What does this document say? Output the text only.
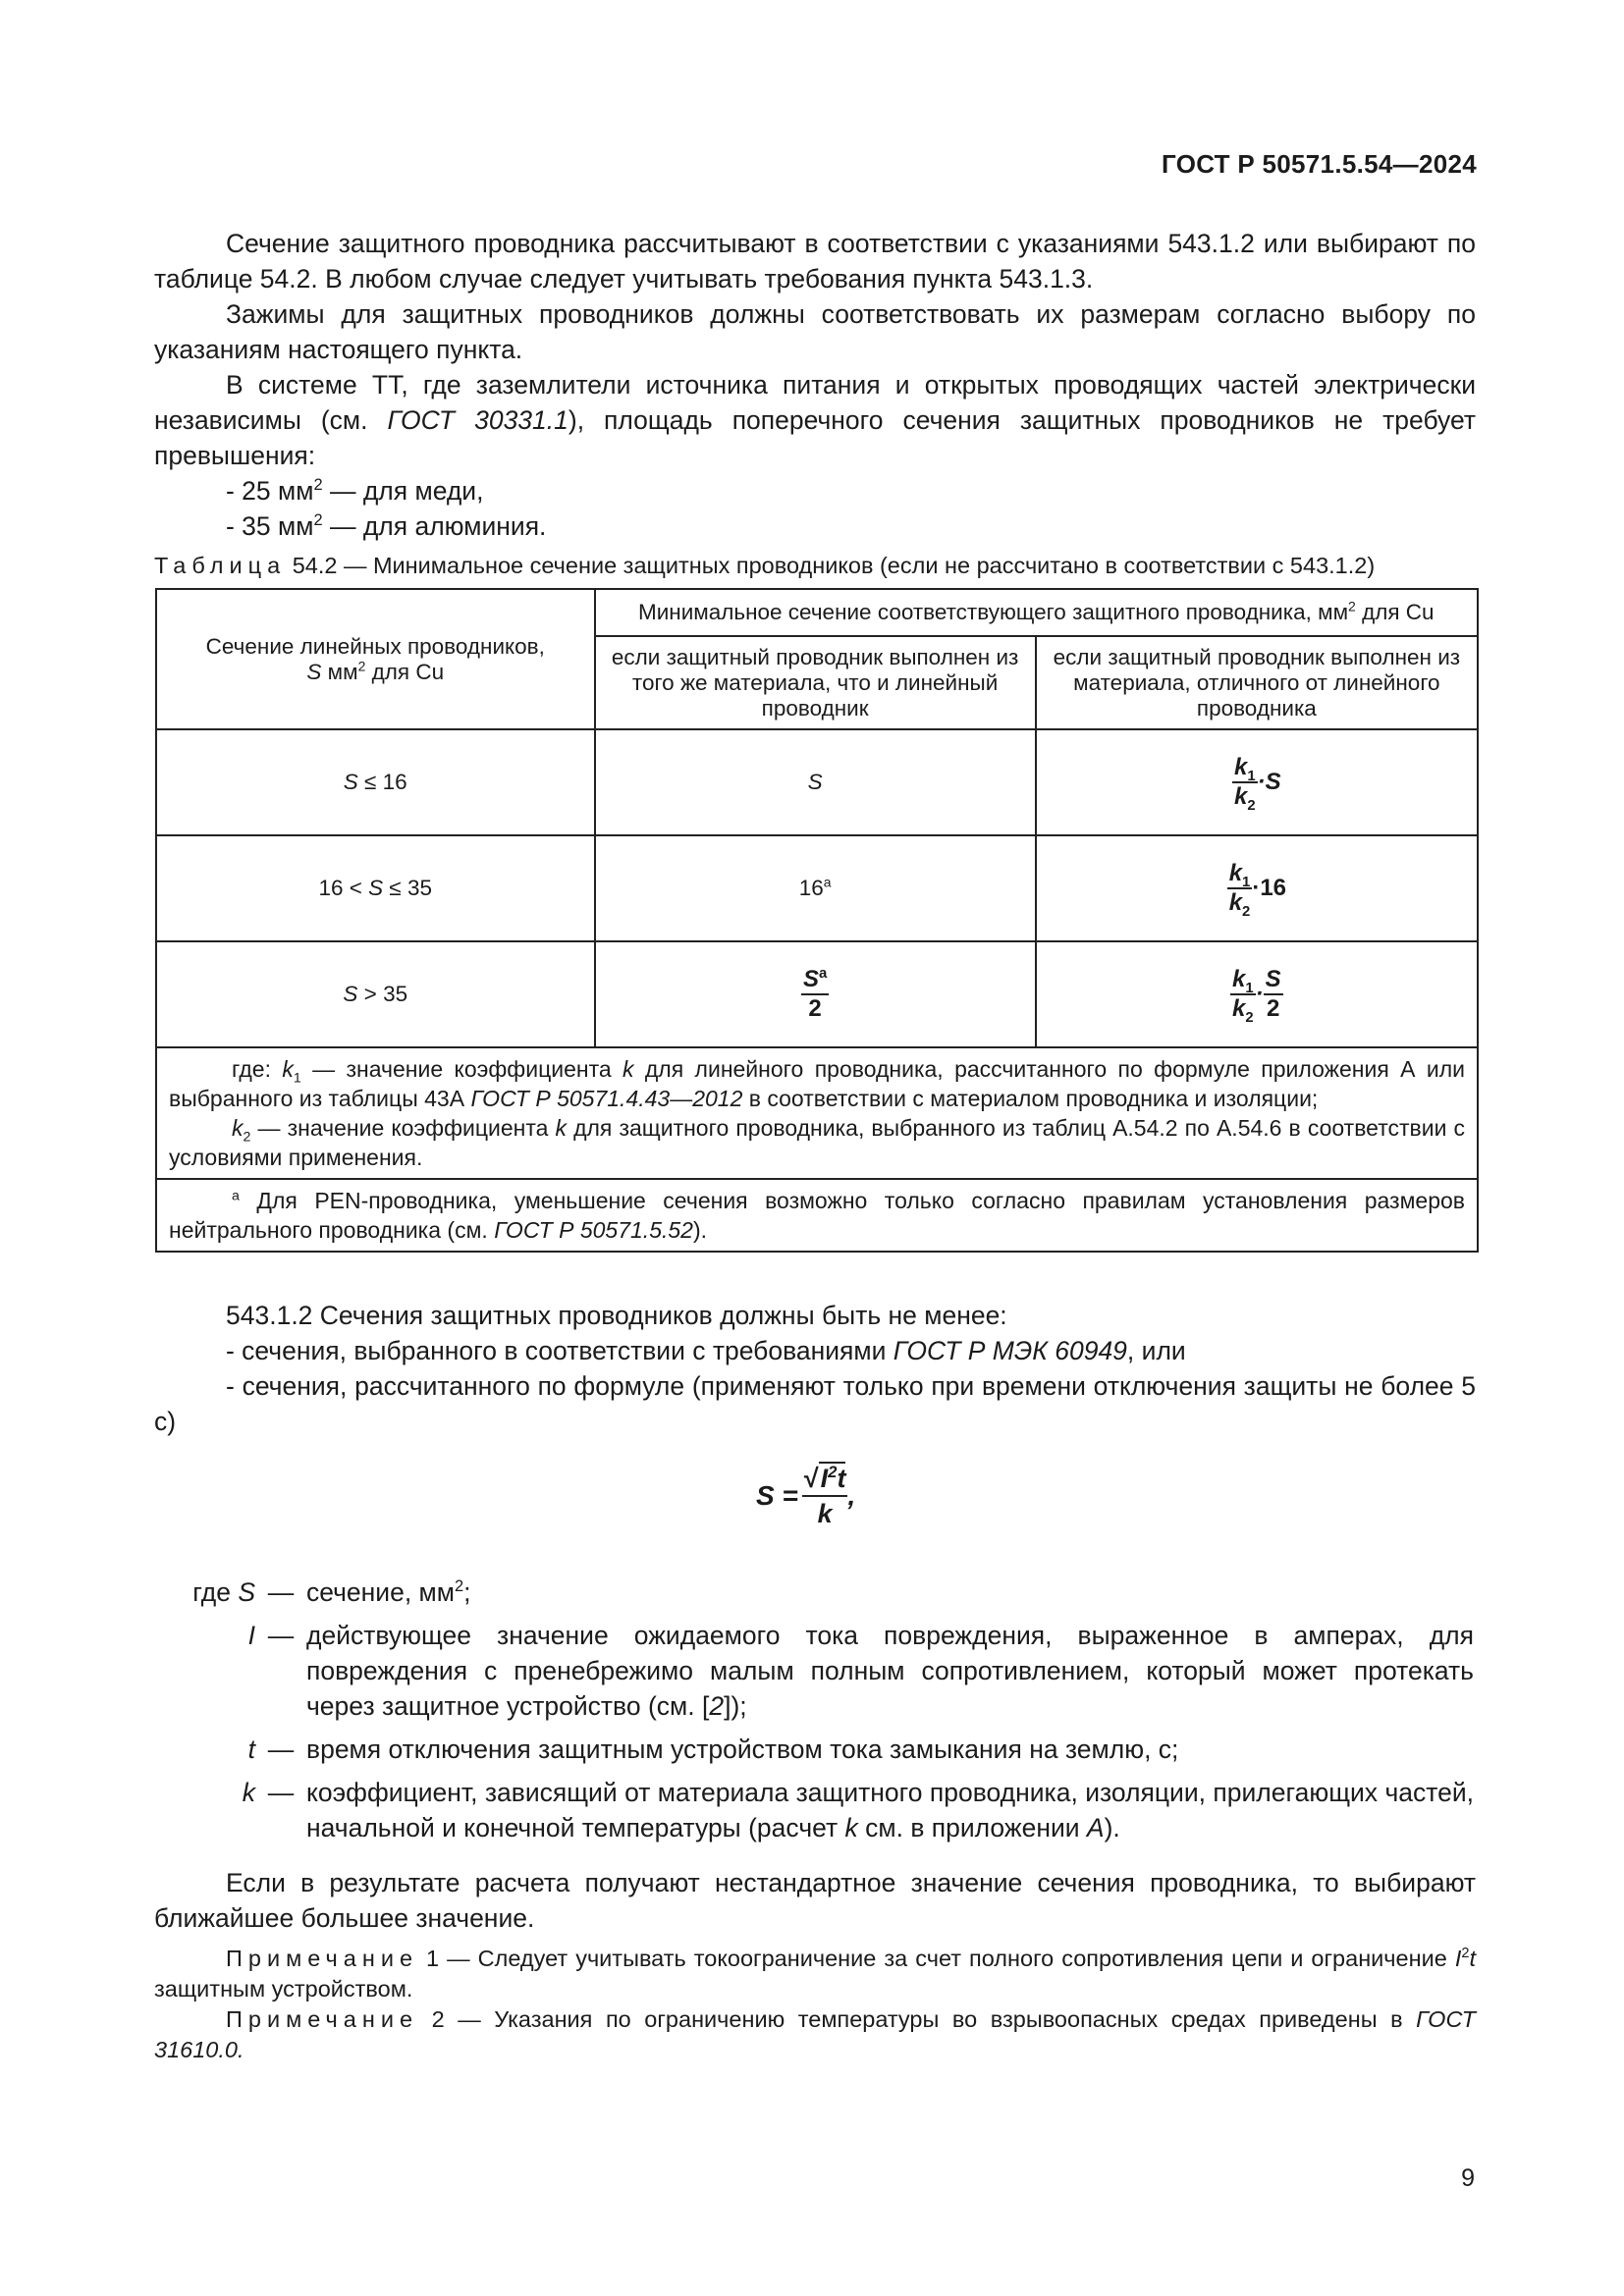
ГОСТ Р 50571.5.54—2024

Сечение защитного проводника рассчитывают в соответствии с указаниями 543.1.2 или выбирают по таблице 54.2. В любом случае следует учитывать требования пункта 543.1.3.

Зажимы для защитных проводников должны соответствовать их размерам согласно выбору по указаниям настоящего пункта.

В системе ТТ, где заземлители источника питания и открытых проводящих частей электрически независимы (см. ГОСТ 30331.1), площадь поперечного сечения защитных проводников не требует превышения:

- 25 $мм^2$ — для меди,
- 35 $мм^2$ — для алюминия.
Таблица 54.2 — Минимальное сечение защитных проводников (если не рассчитано в соответствии с 543.1.2)
Сечение линейных проводников,
S $мм^2$ для Cu	Минимальное сечение соответствующего защитного проводника, $мм^2$ для Cu	
	если защитный проводник выполнен из того же материала, что и линейный проводник	если защитный проводник выполнен из материала, отличного от линейного проводника
S ≤ 16	S	$\frac{k_1}{k_2} \cdot S$
16 < S ≤ 35	16$^a$	$\frac{k_1}{k_2} \cdot 16$
S > 35	$\frac{S^a}{2}$	$\frac{k_1}{k_2} \cdot \frac{S}{2}$

где: $k_1$ — значение коэффициента k для линейного проводника, рассчитанного по формуле приложения А или выбранного из таблицы 43А ГОСТ Р 50571.4.43—2012 в соответствии с материалом проводника и изоляции;
$k_2$ — значение коэффициента k для защитного проводника, выбранного из таблиц А.54.2 по А.54.6 в соответствии с условиями применения.		

$^a$ Для PEN-проводника, уменьшение сечения возможно только согласно правилам установления размеров нейтрального проводника (см. ГОСТ Р 50571.5.52).		

543.1.2 Сечения защитных проводников должны быть не менее:

- сечения, выбранного в соответствии с требованиями ГОСТ Р МЭК 60949, или

- сечения, рассчитанного по формуле (применяют только при времени отключения защиты не более 5 с)

$S = \frac{√I^2t}{k}$ ,
где S — сечение, $мм^2$;
I — действующее значение ожидаемого тока повреждения, выраженное в амперах, для повреждения с пренебрежимо малым полным сопротивлением, который может протекать через защитное устройство (см. [2]);
t — время отключения защитным устройством тока замыкания на землю, с;
k — коэффициент, зависящий от материала защитного проводника, изоляции, прилегающих частей, начальной и конечной температуры (расчет k см. в приложении А).

Если в результате расчета получают нестандартное значение сечения проводника, то выбирают ближайшее большее значение.

Примечание 1 — Следует учитывать токоограничение за счет полного сопротивления цепи и ограничение $I^2t$ защитным устройством.

Примечание 2 — Указания по ограничению температуры во взрывоопасных средах приведены в ГОСТ 31610.0.

9
